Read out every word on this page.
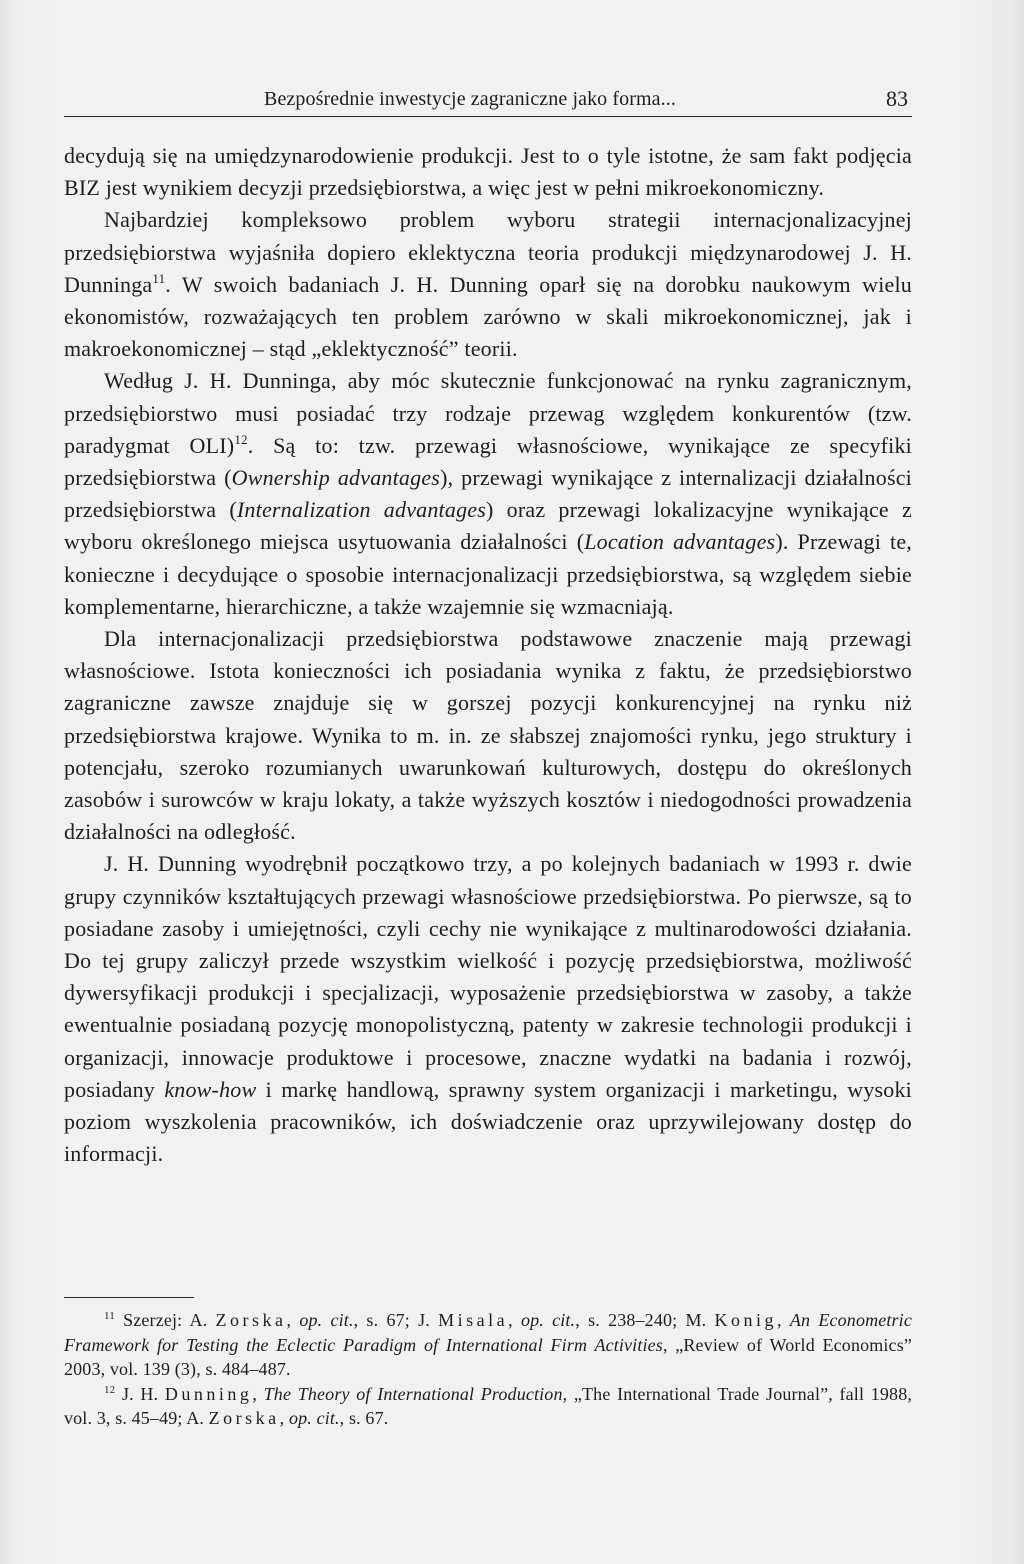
Bezpośrednie inwestycje zagraniczne jako forma...	83

decydują się na umiędzynarodowienie produkcji. Jest to o tyle istotne, że sam fakt podjęcia BIZ jest wynikiem decyzji przedsiębiorstwa, a więc jest w pełni mikroekonomiczny.

Najbardziej kompleksowo problem wyboru strategii internacjonalizacyjnej przedsiębiorstwa wyjaśniła dopiero eklektyczna teoria produkcji międzynarodowej J. H. Dunninga$^{11}$. W swoich badaniach J. H. Dunning oparł się na dorobku naukowym wielu ekonomistów, rozważających ten problem zarówno w skali mikroekonomicznej, jak i makroekonomicznej – stąd „eklektyczność” teorii.

Według J. H. Dunninga, aby móc skutecznie funkcjonować na rynku zagranicznym, przedsiębiorstwo musi posiadać trzy rodzaje przewag względem konkurentów (tzw. paradygmat OLI)$^{12}$. Są to: tzw. przewagi własnościowe, wynikające ze specyfiki przedsiębiorstwa (Ownership advantages), przewagi wynikające z internalizacji działalności przedsiębiorstwa (Internalization advantages) oraz przewagi lokalizacyjne wynikające z wyboru określonego miejsca usytuowania działalności (Location advantages). Przewagi te, konieczne i decydujące o sposobie internacjonalizacji przedsiębiorstwa, są względem siebie komplementarne, hierarchiczne, a także wzajemnie się wzmacniają.

Dla internacjonalizacji przedsiębiorstwa podstawowe znaczenie mają przewagi własnościowe. Istota konieczności ich posiadania wynika z faktu, że przedsiębiorstwo zagraniczne zawsze znajduje się w gorszej pozycji konkurencyjnej na rynku niż przedsiębiorstwa krajowe. Wynika to m. in. ze słabszej znajomości rynku, jego struktury i potencjału, szeroko rozumianych uwarunkowań kulturowych, dostępu do określonych zasobów i surowców w kraju lokaty, a także wyższych kosztów i niedogodności prowadzenia działalności na odległość.

J. H. Dunning wyodrębnił początkowo trzy, a po kolejnych badaniach w 1993 r. dwie grupy czynników kształtujących przewagi własnościowe przedsiębiorstwa. Po pierwsze, są to posiadane zasoby i umiejętności, czyli cechy nie wynikające z multinarodowości działania. Do tej grupy zaliczył przede wszystkim wielkość i pozycję przedsiębiorstwa, możliwość dywersyfikacji produkcji i specjalizacji, wyposażenie przedsiębiorstwa w zasoby, a także ewentualnie posiadaną pozycję monopolistyczną, patenty w zakresie technologii produkcji i organizacji, innowacje produktowe i procesowe, znaczne wydatki na badania i rozwój, posiadany know-how i markę handlową, sprawny system organizacji i marketingu, wysoki poziom wyszkolenia pracowników, ich doświadczenie oraz uprzywilejowany dostęp do informacji.

$^{11}$ Szerzej: A. Zorska, op. cit., s. 67; J. Misala, op. cit., s. 238–240; M. Konig, An Econometric Framework for Testing the Eclectic Paradigm of International Firm Activities, „Review of World Economics” 2003, vol. 139 (3), s. 484–487.

$^{12}$ J. H. Dunning, The Theory of International Production, „The International Trade Journal”, fall 1988, vol. 3, s. 45–49; A. Zorska, op. cit., s. 67.
